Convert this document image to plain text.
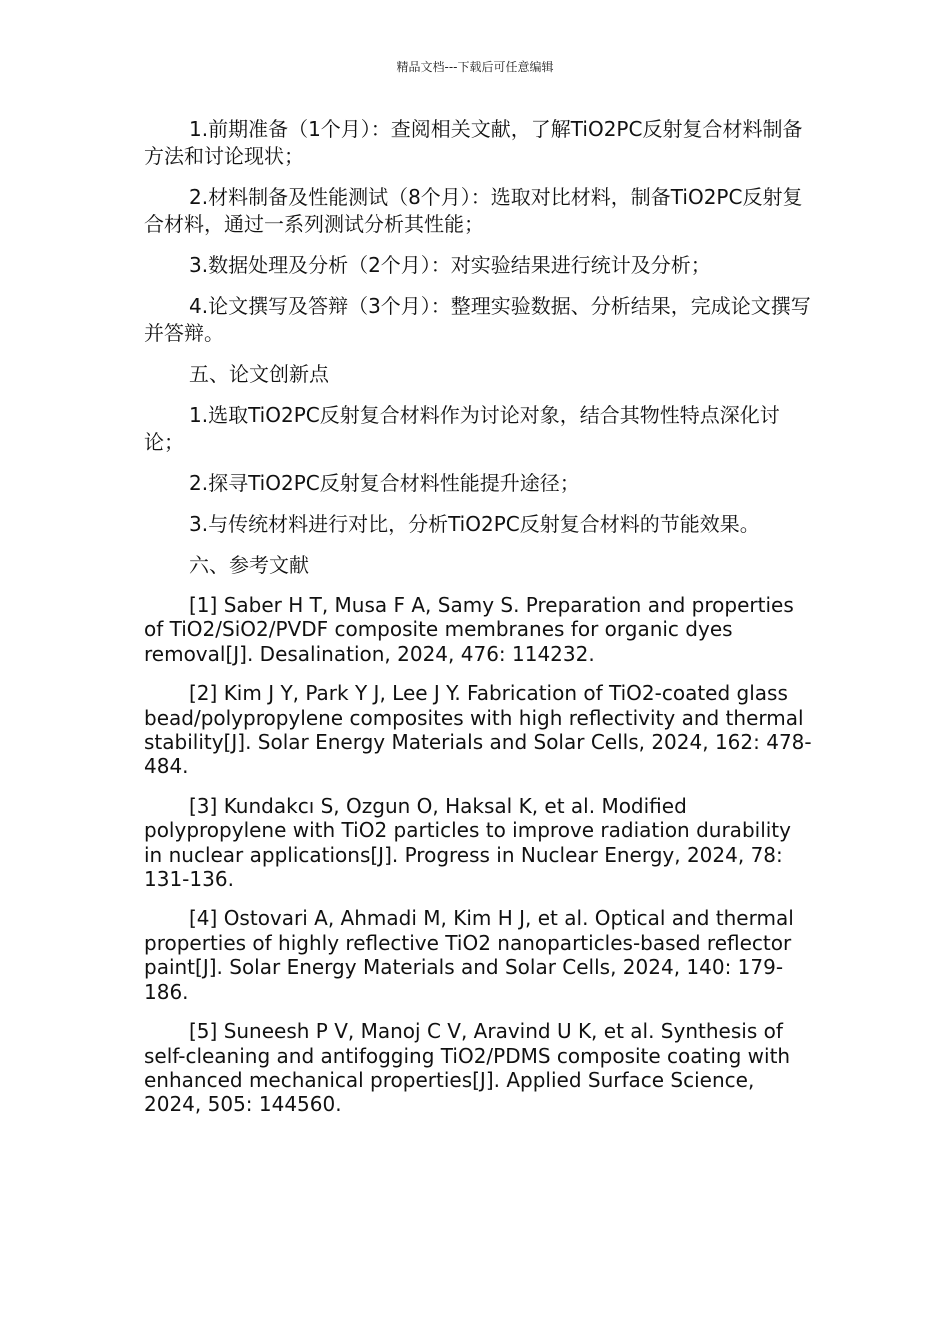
精品文档---下载后可任意编辑

1.前期准备（1个月）：查阅相关文献，了解TiO2PC反射复合材料制备方法和讨论现状；

2.材料制备及性能测试（8个月）：选取对比材料，制备TiO2PC反射复合材料，通过一系列测试分析其性能；

3.数据处理及分析（2个月）：对实验结果进行统计及分析；

4.论文撰写及答辩（3个月）：整理实验数据、分析结果，完成论文撰写并答辩。

五、论文创新点

1.选取TiO2PC反射复合材料作为讨论对象，结合其物性特点深化讨论；

2.探寻TiO2PC反射复合材料性能提升途径；

3.与传统材料进行对比，分析TiO2PC反射复合材料的节能效果。

六、参考文献

[1] Saber H T, Musa F A, Samy S. Preparation and properties of TiO2/SiO2/PVDF composite membranes for organic dyes removal[J]. Desalination, 2024, 476: 114232.

[2] Kim J Y, Park Y J, Lee J Y. Fabrication of TiO2-coated glass bead/polypropylene composites with high reflectivity and thermal stability[J]. Solar Energy Materials and Solar Cells, 2024, 162: 478-484.

[3] Kundakcı S, Ozgun O, Haksal K, et al. Modified polypropylene with TiO2 particles to improve radiation durability in nuclear applications[J]. Progress in Nuclear Energy, 2024, 78: 131-136.

[4] Ostovari A, Ahmadi M, Kim H J, et al. Optical and thermal properties of highly reflective TiO2 nanoparticles-based reflector paint[J]. Solar Energy Materials and Solar Cells, 2024, 140: 179-186.

[5] Suneesh P V, Manoj C V, Aravind U K, et al. Synthesis of self-cleaning and antifogging TiO2/PDMS composite coating with enhanced mechanical properties[J]. Applied Surface Science, 2024, 505: 144560.
